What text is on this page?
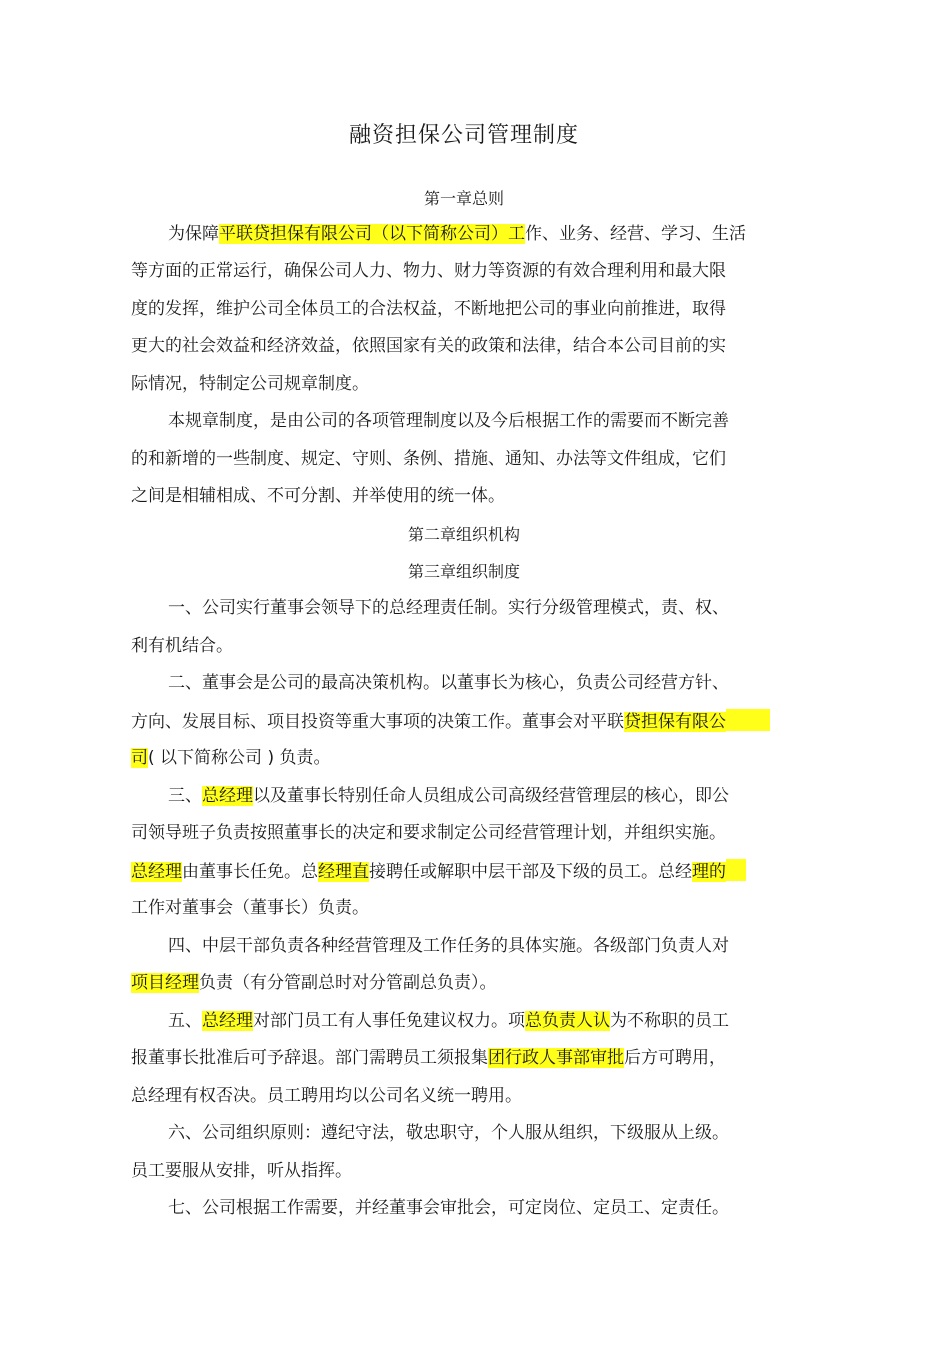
融资担保公司管理制度
第一章总则
为保障平联贷担保有限公司（以下简称公司）工作、业务、经营、学习、生活
等方面的正常运行，确保公司人力、物力、财力等资源的有效合理利用和最大限
度的发挥，维护公司全体员工的合法权益，不断地把公司的事业向前推进，取得
更大的社会效益和经济效益，依照国家有关的政策和法律，结合本公司目前的实
际情况，特制定公司规章制度。
本规章制度，是由公司的各项管理制度以及今后根据工作的需要而不断完善
的和新增的一些制度、规定、守则、条例、措施、通知、办法等文件组成，它们
之间是相辅相成、不可分割、并举使用的统一体。
第二章组织机构
第三章组织制度
一、公司实行董事会领导下的总经理责任制。实行分级管理模式，责、权、
利有机结合。
二、董事会是公司的最高决策机构。以董事长为核心，负责公司经营方针、
方向、发展目标、项目投资等重大事项的决策工作。董事会对平联贷担保有限公
司( 以下简称公司 ) 负责。
三、总经理以及董事长特别任命人员组成公司高级经营管理层的核心，即公
司领导班子负责按照董事长的决定和要求制定公司经营管理计划，并组织实施。
总经理由董事长任免。总经理直接聘任或解职中层干部及下级的员工。总经理的
工作对董事会（董事长）负责。
四、中层干部负责各种经营管理及工作任务的具体实施。各级部门负责人对
项目经理负责（有分管副总时对分管副总负责）。
五、总经理对部门员工有人事任免建议权力。项总负责人认为不称职的员工
报董事长批准后可予辞退。部门需聘员工须报集团行政人事部审批后方可聘用，
总经理有权否决。员工聘用均以公司名义统一聘用。
六、公司组织原则：遵纪守法，敬忠职守，个人服从组织，下级服从上级。
员工要服从安排，听从指挥。
七、公司根据工作需要，并经董事会审批会，可定岗位、定员工、定责任。
